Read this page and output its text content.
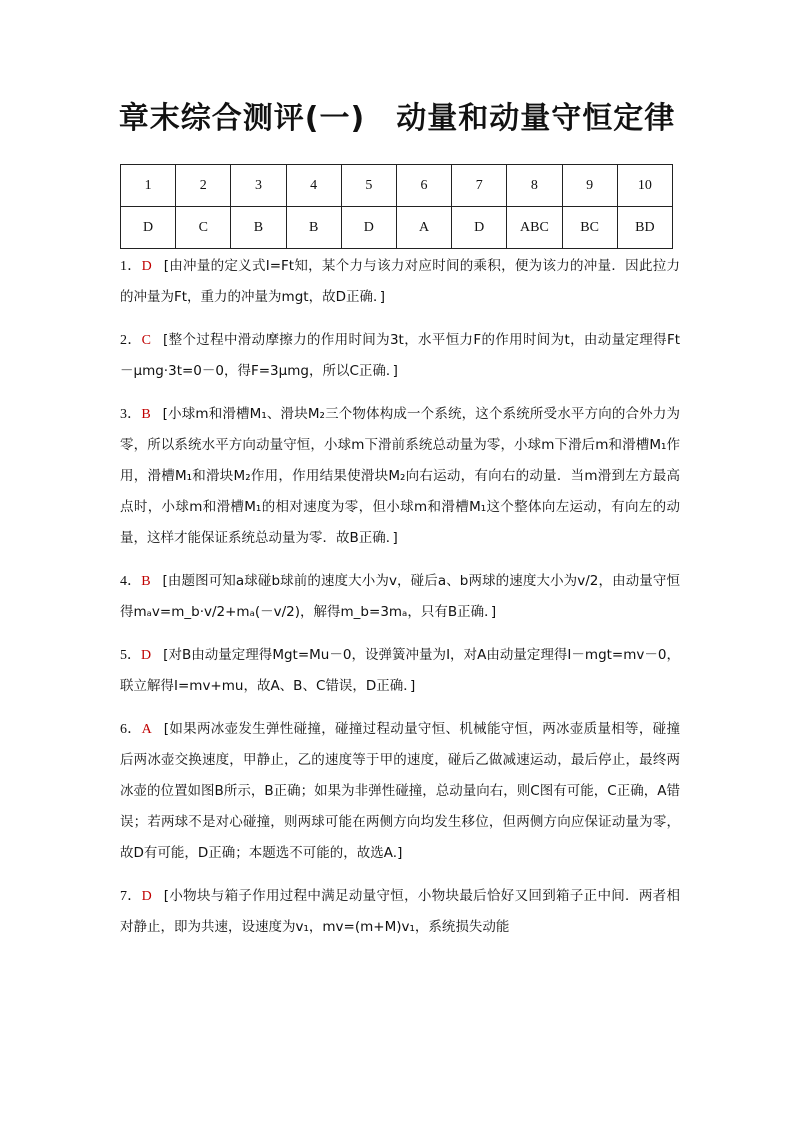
章末综合测评(一)　动量和动量守恒定律
1	2	3	4	5	6	7	8	9	10
D	C	B	B	D	A	D	ABC	BC	BD

1．D [由冲量的定义式I=Ft知，某个力与该力对应时间的乘积，便为该力的冲量．因此拉力的冲量为Ft，重力的冲量为mgt，故D正确．]

2．C [整个过程中滑动摩擦力的作用时间为3t，水平恒力F的作用时间为t，由动量定理得Ft－μmg·3t=0－0，得F=3μmg，所以C正确．]

3．B [小球m和滑槽M₁、滑块M₂三个物体构成一个系统，这个系统所受水平方向的合外力为零，所以系统水平方向动量守恒，小球m下滑前系统总动量为零，小球m下滑后m和滑槽M₁作用，滑槽M₁和滑块M₂作用，作用结果使滑块M₂向右运动，有向右的动量．当m滑到左方最高点时，小球m和滑槽M₁的相对速度为零，但小球m和滑槽M₁这个整体向左运动，有向左的动量，这样才能保证系统总动量为零．故B正确．]

4．B [由题图可知a球碰b球前的速度大小为v，碰后a、b两球的速度大小为v/2，由动量守恒得mₐv=m_b·v/2+mₐ(－v/2)，解得m_b=3mₐ，只有B正确．]

5．D [对B由动量定理得Mgt=Mu－0，设弹簧冲量为I，对A由动量定理得I－mgt=mv－0，联立解得I=mv+mu，故A、B、C错误，D正确．]

6．A [如果两冰壶发生弹性碰撞，碰撞过程动量守恒、机械能守恒，两冰壶质量相等，碰撞后两冰壶交换速度，甲静止，乙的速度等于甲的速度，碰后乙做减速运动，最后停止，最终两冰壶的位置如图B所示，B正确；如果为非弹性碰撞，总动量向右，则C图有可能，C正确，A错误；若两球不是对心碰撞，则两球可能在两侧方向均发生移位，但两侧方向应保证动量为零，故D有可能，D正确；本题选不可能的，故选A.]

7．D [小物块与箱子作用过程中满足动量守恒，小物块最后恰好又回到箱子正中间．两者相对静止，即为共速，设速度为v₁，mv=(m+M)v₁，系统损失动能
